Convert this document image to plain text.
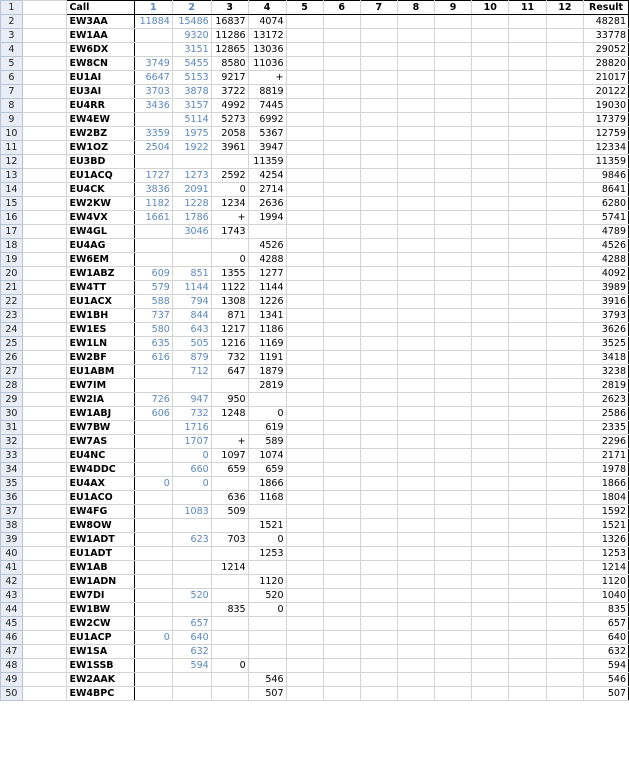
1		Call	1	2	3	4	5	6	7	8	9	10	11	12	Result
2		EW3AA	11884	15486	16837	4074									48281
3		EW1AA		9320	11286	13172									33778
4		EW6DX		3151	12865	13036									29052
5		EW8CN	3749	5455	8580	11036									28820
6		EU1AI	6647	5153	9217	+									21017
7		EU3AI	3703	3878	3722	8819									20122
8		EU4RR	3436	3157	4992	7445									19030
9		EW4EW		5114	5273	6992									17379
10		EW2BZ	3359	1975	2058	5367									12759
11		EW1OZ	2504	1922	3961	3947									12334
12		EU3BD				11359									11359
13		EU1ACQ	1727	1273	2592	4254									9846
14		EU4CK	3836	2091	0	2714									8641
15		EW2KW	1182	1228	1234	2636									6280
16		EW4VX	1661	1786	+	1994									5741
17		EW4GL		3046	1743										4789
18		EU4AG				4526									4526
19		EW6EM			0	4288									4288
20		EW1ABZ	609	851	1355	1277									4092
21		EW4TT	579	1144	1122	1144									3989
22		EU1ACX	588	794	1308	1226									3916
23		EW1BH	737	844	871	1341									3793
24		EW1ES	580	643	1217	1186									3626
25		EW1LN	635	505	1216	1169									3525
26		EW2BF	616	879	732	1191									3418
27		EU1ABM		712	647	1879									3238
28		EW7IM				2819									2819
29		EW2IA	726	947	950										2623
30		EW1ABJ	606	732	1248	0									2586
31		EW7BW		1716		619									2335
32		EW7AS		1707	+	589									2296
33		EU4NC		0	1097	1074									2171
34		EW4DDC		660	659	659									1978
35		EU4AX	0	0		1866									1866
36		EU1ACO			636	1168									1804
37		EW4FG		1083	509										1592
38		EW8OW				1521									1521
39		EW1ADT		623	703	0									1326
40		EU1ADT				1253									1253
41		EW1AB			1214										1214
42		EW1ADN				1120									1120
43		EW7DI		520		520									1040
44		EW1BW			835	0									835
45		EW2CW		657											657
46		EU1ACP	0	640											640
47		EW1SA		632											632
48		EW1SSB		594	0										594
49		EW2AAK				546									546
50		EW4BPC				507									507
